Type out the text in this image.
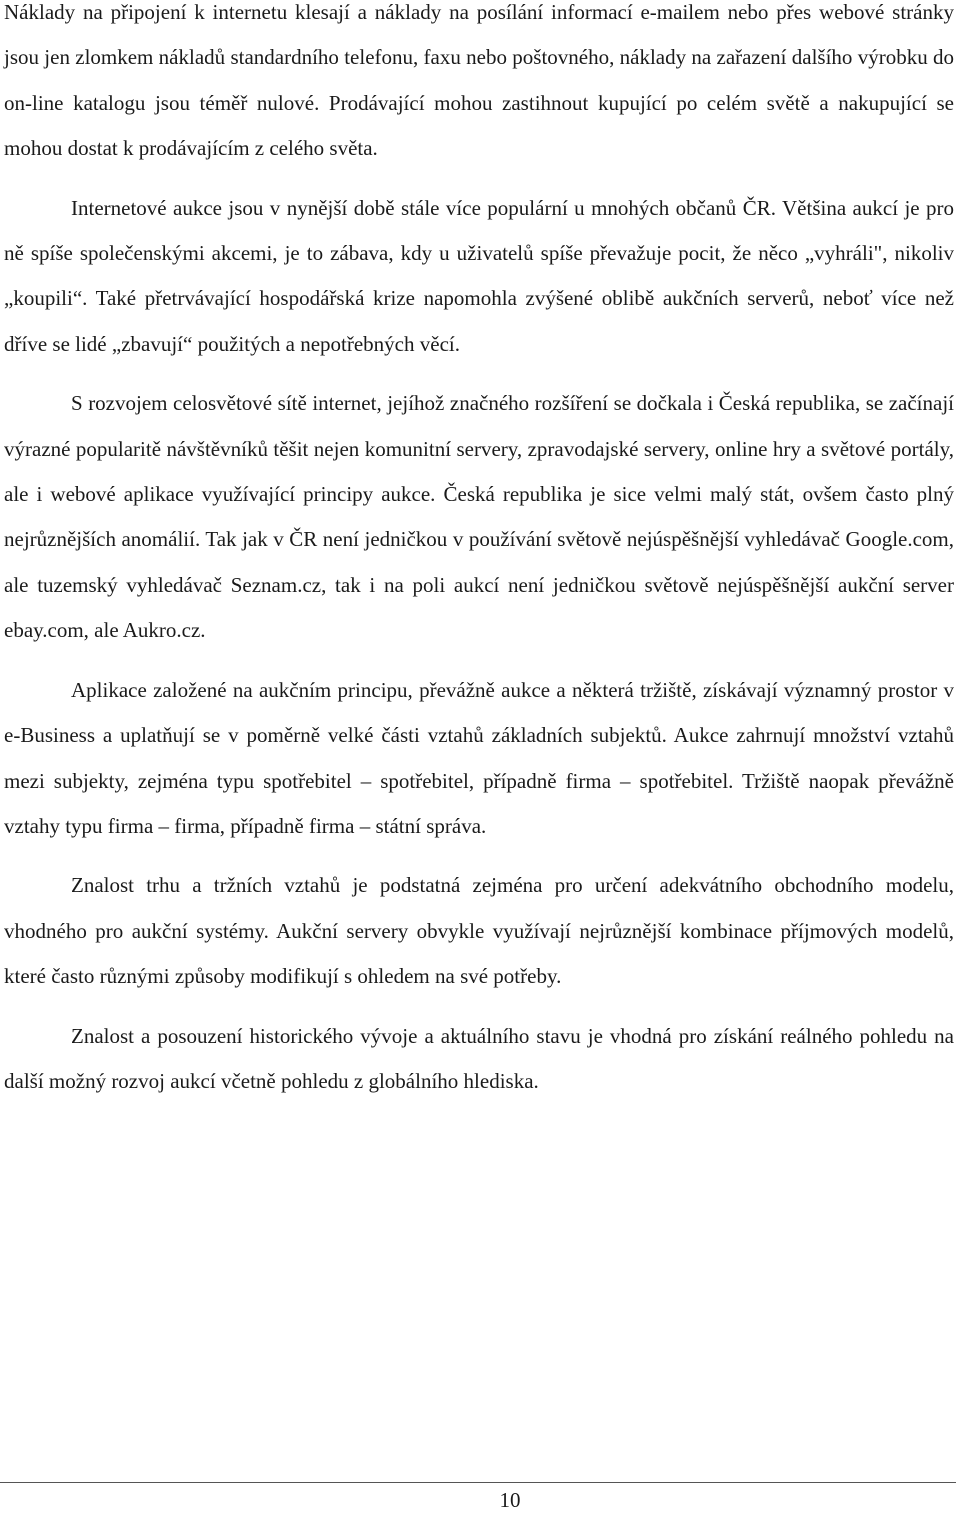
Náklady na připojení k internetu klesají a náklady na posílání informací e-mailem nebo přes webové stránky jsou jen zlomkem nákladů standardního telefonu, faxu nebo poštovného, náklady na zařazení dalšího výrobku do on-line katalogu jsou téměř nulové. Prodávající mohou zastihnout kupující po celém světě a nakupující se mohou dostat k prodávajícím z celého světa.

Internetové aukce jsou v nynější době stále více populární u mnohých občanů ČR. Většina aukcí je pro ně spíše společenskými akcemi, je to zábava, kdy u uživatelů spíše převažuje pocit, že něco „vyhráli", nikoliv „koupili“. Také přetrvávající hospodářská krize napomohla zvýšené oblibě aukčních serverů, neboť více než dříve se lidé „zbavují“ použitých a nepotřebných věcí.

S rozvojem celosvětové sítě internet, jejíhož značného rozšíření se dočkala i Česká republika, se začínají výrazné popularitě návštěvníků těšit nejen komunitní servery, zpravodajské servery, online hry a světové portály, ale i webové aplikace využívající principy aukce. Česká republika je sice velmi malý stát, ovšem často plný nejrůznějších anomálií. Tak jak v ČR není jedničkou v používání světově nejúspěšnější vyhledávač Google.com, ale tuzemský vyhledávač Seznam.cz, tak i na poli aukcí není jedničkou světově nejúspěšnější aukční server ebay.com, ale Aukro.cz.

Aplikace založené na aukčním principu, převážně aukce a některá tržiště, získávají významný prostor v e-Business a uplatňují se v poměrně velké části vztahů základních subjektů. Aukce zahrnují množství vztahů mezi subjekty, zejména typu spotřebitel – spotřebitel, případně firma – spotřebitel. Tržiště naopak převážně vztahy typu firma – firma, případně firma – státní správa.

Znalost trhu a tržních vztahů je podstatná zejména pro určení adekvátního obchodního modelu, vhodného pro aukční systémy. Aukční servery obvykle využívají nejrůznější kombinace příjmových modelů, které často různými způsoby modifikují s ohledem na své potřeby.

Znalost a posouzení historického vývoje a aktuálního stavu je vhodná pro získání reálného pohledu na další možný rozvoj aukcí včetně pohledu z globálního hlediska.

10
